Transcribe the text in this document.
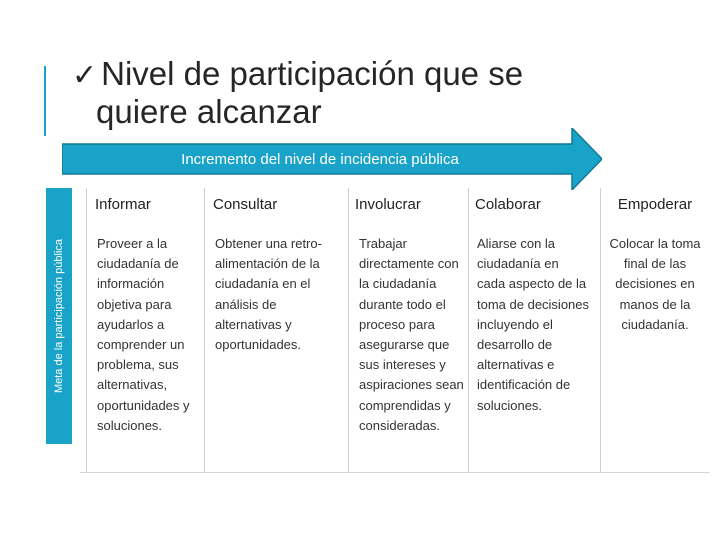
✓ Nivel de participación que se
quiere alcanzar
Incremento del nivel de incidencia pública
Meta de la participación pública
Informar
Proveer a la ciudadanía de información objetiva para ayudarlos a comprender un problema, sus alternativas, oportunidades y soluciones.
Consultar
Obtener una retro-alimentación de la ciudadanía en el análisis de alternativas y oportunidades.
Involucrar
Trabajar directamente con la ciudadanía durante todo el proceso para asegurarse que sus intereses y aspiraciones sean comprendidas y consideradas.
Colaborar
Aliarse con la ciudadanía en cada aspecto de la toma de decisiones incluyendo el desarrollo de alternativas e identificación de soluciones.
Empoderar
Colocar la toma final de las decisiones en manos de la ciudadanía.
